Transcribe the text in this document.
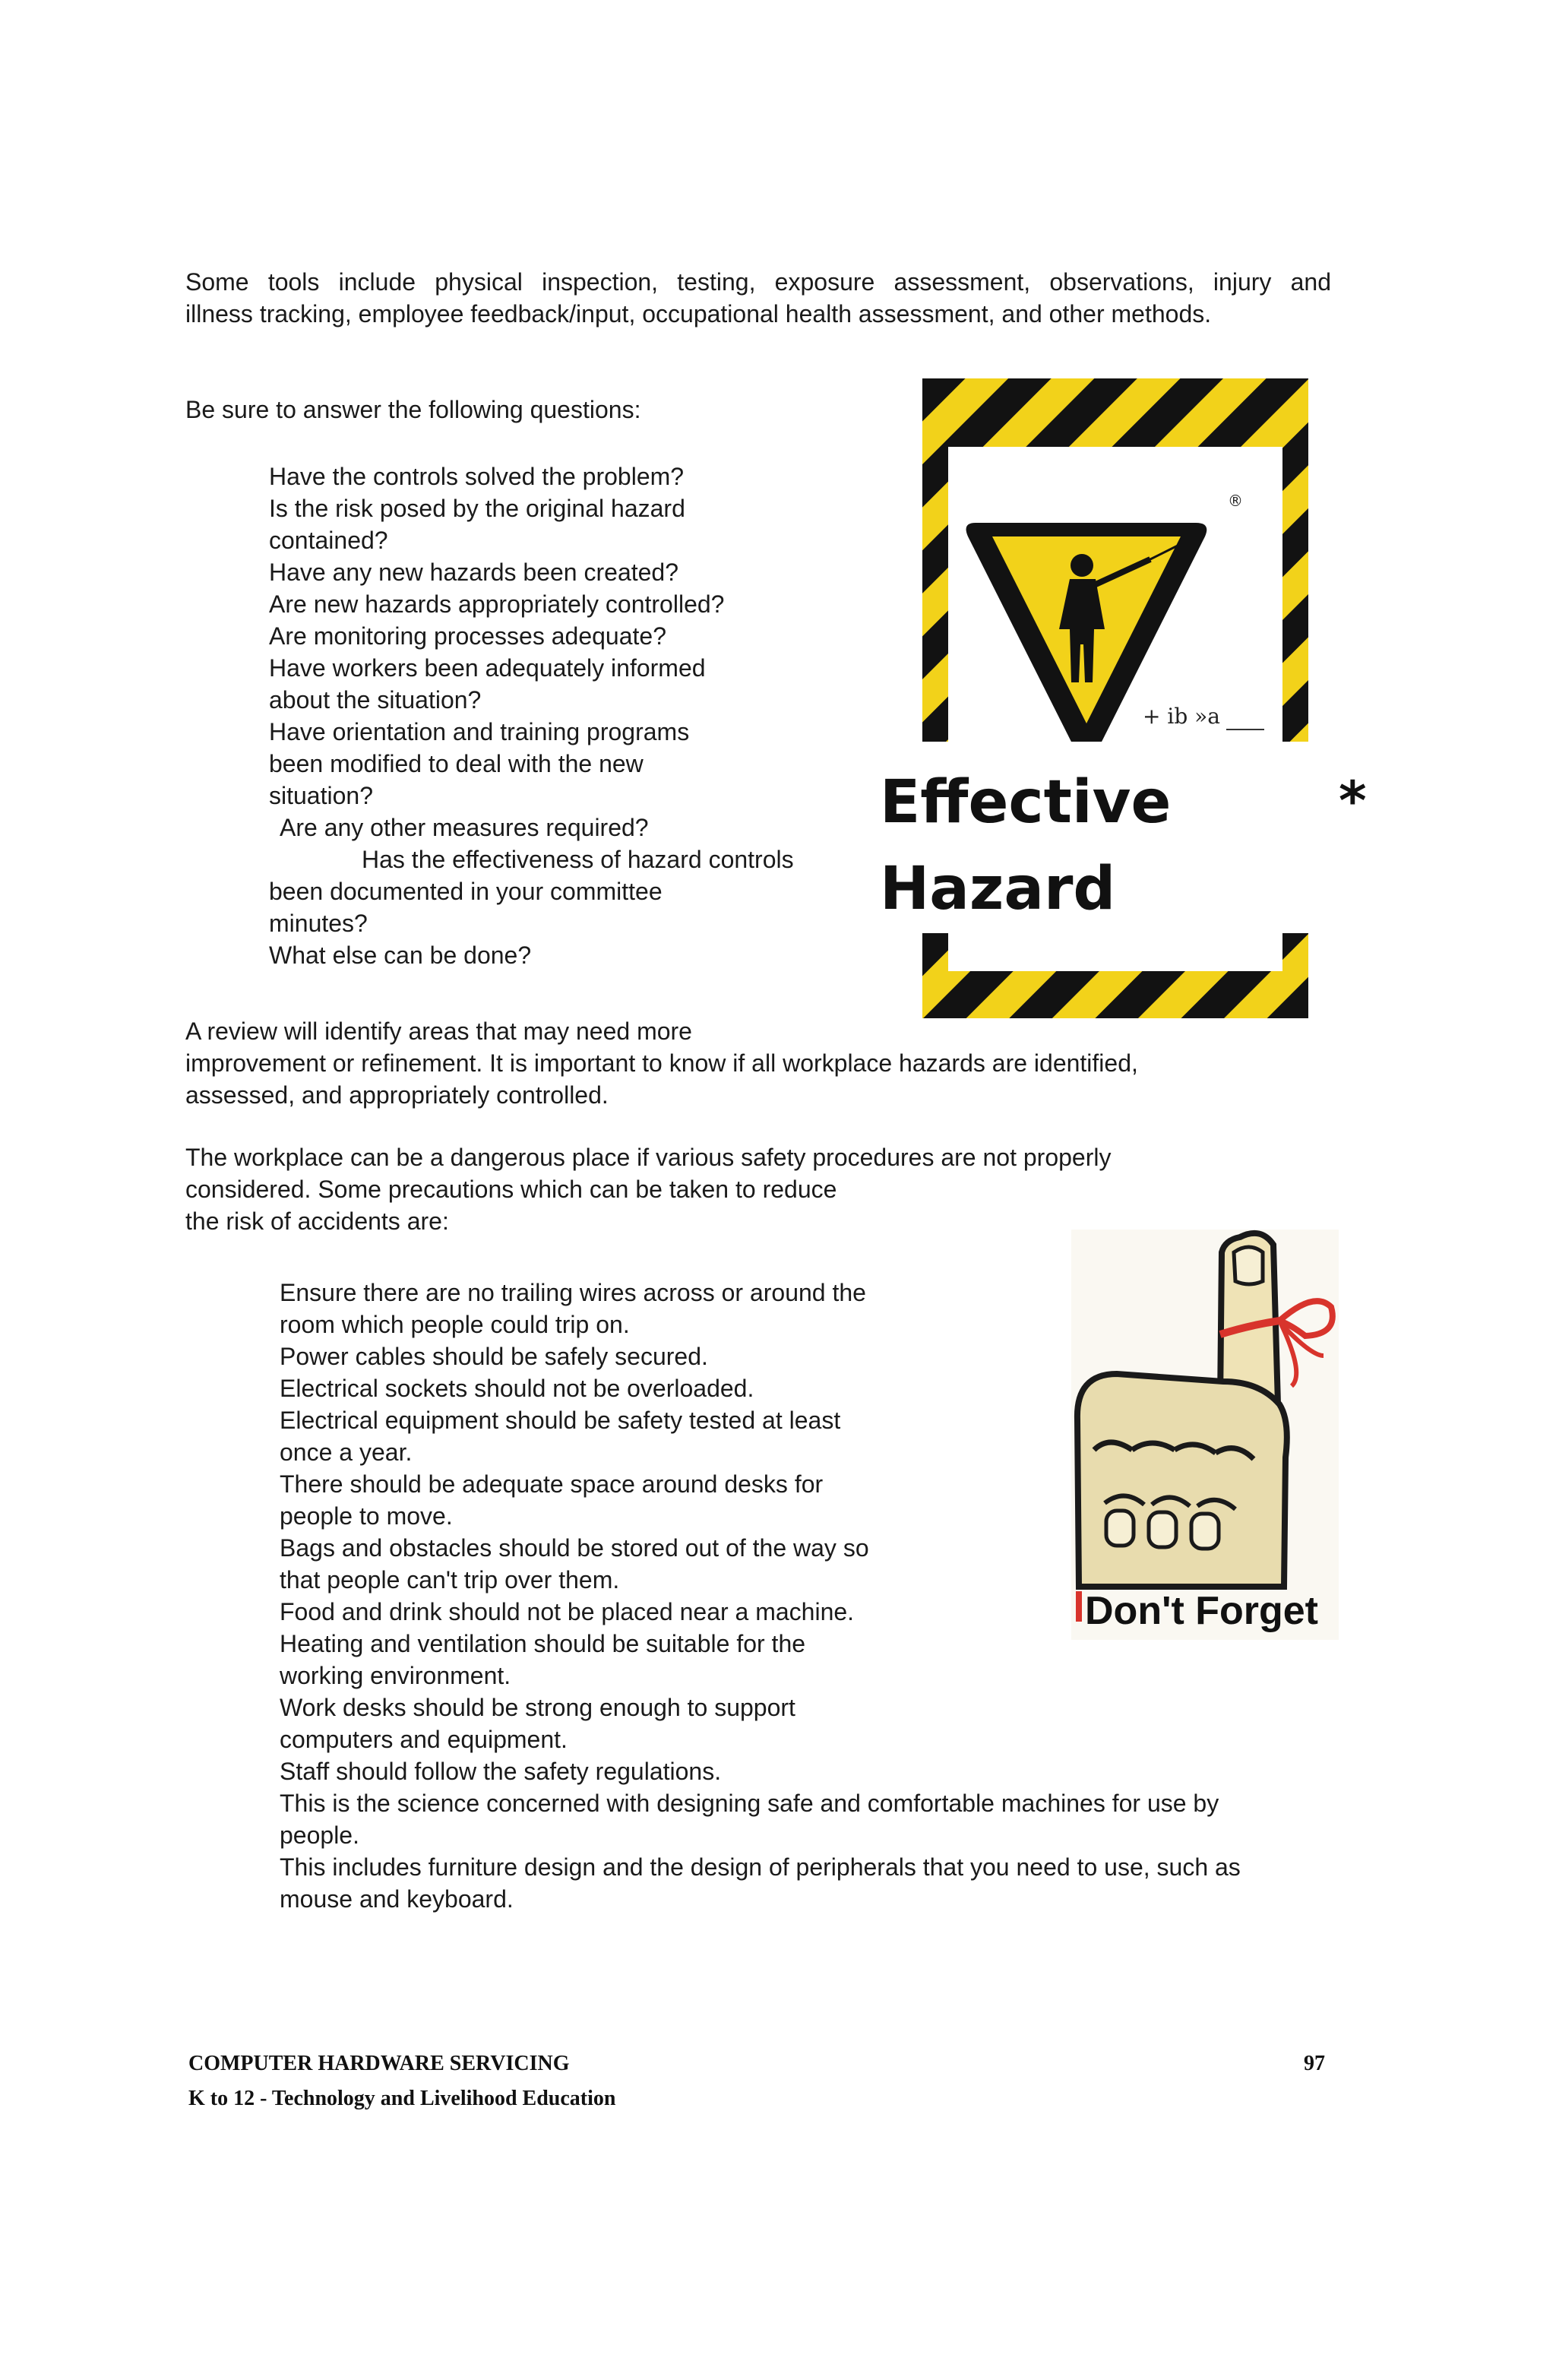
Some tools include physical inspection, testing, exposure assessment, observations, injury and

illness tracking, employee feedback/input, occupational health assessment, and other methods.

Be sure to answer the following questions:

Have the controls solved the problem?
Is the risk posed by the original hazard
contained?
Have any new hazards been created?
Are new hazards appropriately controlled?
Are monitoring processes adequate?
Have workers been adequately informed
about the situation?
Have orientation and training programs
been modified to deal with the new
situation?
Are any other measures required?
Has the effectiveness of hazard controls
been documented in your committee
minutes?
What else can be done?
®
+ ib »a
Effective
Hazard
*
A review will identify areas that may need more
improvement or refinement. It is important to know if all workplace hazards are identified,
assessed, and appropriately controlled.
The workplace can be a dangerous place if various safety procedures are not properly
considered. Some precautions which can be taken to reduce
the risk of accidents are:
Ensure there are no trailing wires across or around the
room which people could trip on.
Power cables should be safely secured.
Electrical sockets should not be overloaded.
Electrical equipment should be safety tested at least
once a year.
There should be adequate space around desks for
people to move.
Bags and obstacles should be stored out of the way so
that people can't trip over them.
Food and drink should not be placed near a machine.
Heating and ventilation should be suitable for the
working environment.
Work desks should be strong enough to support
computers and equipment.
Staff should follow the safety regulations.
This is the science concerned with designing safe and comfortable machines for use by
people.
This includes furniture design and the design of peripherals that you need to use, such as
mouse and keyboard.
Don't Forget
COMPUTER HARDWARE SERVICING
K to 12 - Technology and Livelihood Education
97
